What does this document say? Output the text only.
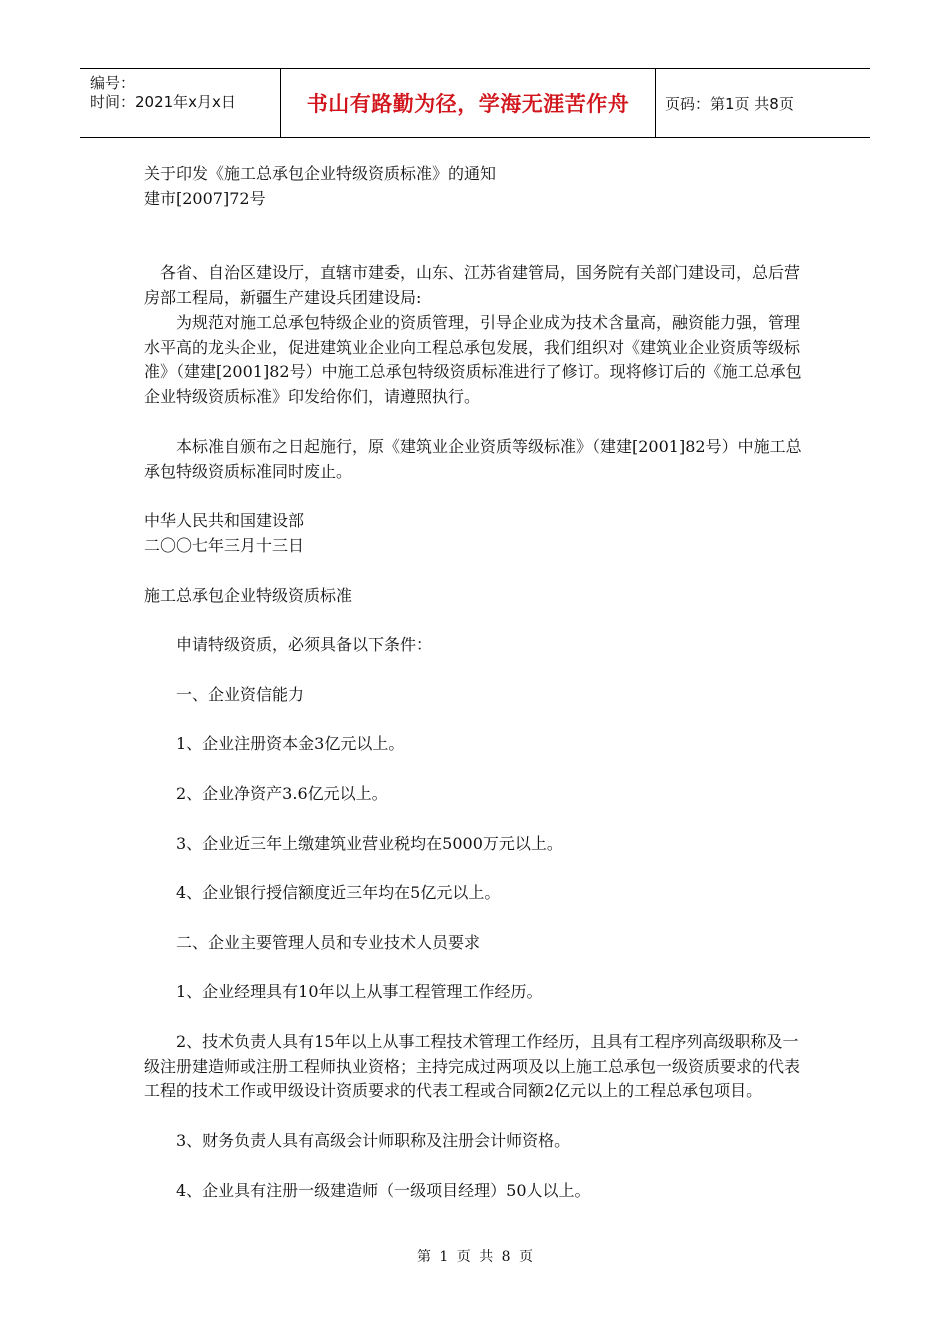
编号：
时间：2021年x月x日	书山有路勤为径，学海无涯苦作舟	页码：第1页 共8页

关于印发《施工总承包企业特级资质标准》的通知

建市[2007]72号

各省、自治区建设厅，直辖市建委，山东、江苏省建管局，国务院有关部门建设司，总后营房部工程局，新疆生产建设兵团建设局:

为规范对施工总承包特级企业的资质管理，引导企业成为技术含量高，融资能力强，管理水平高的龙头企业，促进建筑业企业向工程总承包发展，我们组织对《建筑业企业资质等级标准》（建建[2001]82号）中施工总承包特级资质标准进行了修订。现将修订后的《施工总承包企业特级资质标准》印发给你们，请遵照执行。

本标准自颁布之日起施行，原《建筑业企业资质等级标准》（建建[2001]82号）中施工总承包特级资质标准同时废止。

中华人民共和国建设部

二〇〇七年三月十三日

施工总承包企业特级资质标准

申请特级资质，必须具备以下条件：

一、企业资信能力

1、企业注册资本金3亿元以上。

2、企业净资产3.6亿元以上。

3、企业近三年上缴建筑业营业税均在5000万元以上。

4、企业银行授信额度近三年均在5亿元以上。

二、企业主要管理人员和专业技术人员要求

1、企业经理具有10年以上从事工程管理工作经历。

2、技术负责人具有15年以上从事工程技术管理工作经历，且具有工程序列高级职称及一级注册建造师或注册工程师执业资格；主持完成过两项及以上施工总承包一级资质要求的代表工程的技术工作或甲级设计资质要求的代表工程或合同额2亿元以上的工程总承包项目。

3、财务负责人具有高级会计师职称及注册会计师资格。

4、企业具有注册一级建造师（一级项目经理）50人以上。

第 1 页 共 8 页
